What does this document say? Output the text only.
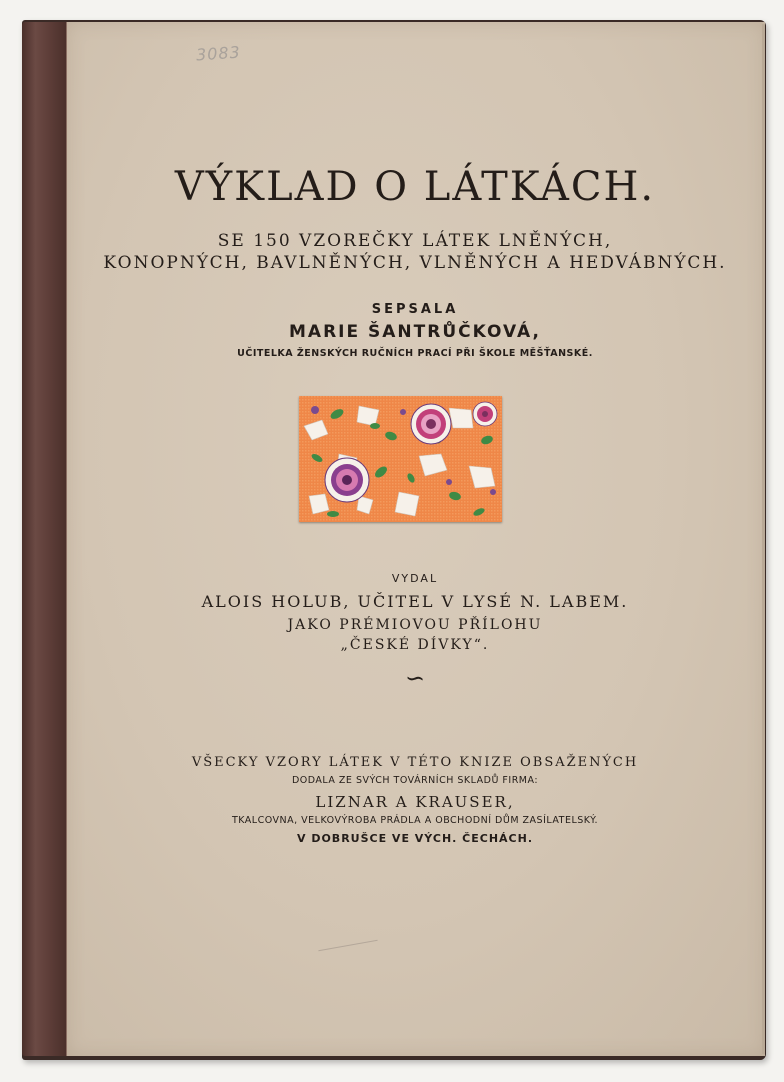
3083
VÝKLAD O LÁTKÁCH.
SE 150 VZOREČKY LÁTEK LNĚNÝCH,
KONOPNÝCH, BAVLNĚNÝCH, VLNĚNÝCH A HEDVÁBNÝCH.
SEPSALA
MARIE ŠANTRŮČKOVÁ,
UČITELKA ŽENSKÝCH RUČNÍCH PRACÍ PŘI ŠKOLE MĚŠŤANSKÉ.
VYDAL
ALOIS HOLUB, UČITEL V LYSÉ N. LABEM.
JAKO PRÉMIOVOU PŘÍLOHU
„ČESKÉ DÍVKY“.
∽
VŠECKY VZORY LÁTEK V TÉTO KNIZE OBSAŽENÝCH
DODALA ZE SVÝCH TOVÁRNÍCH SKLADŮ FIRMA:
LIZNAR A KRAUSER,
TKALCOVNA, VELKOVÝROBA PRÁDLA A OBCHODNÍ DŮM ZASÍLATELSKÝ.
V DOBRUŠCE VE VÝCH. ČECHÁCH.
